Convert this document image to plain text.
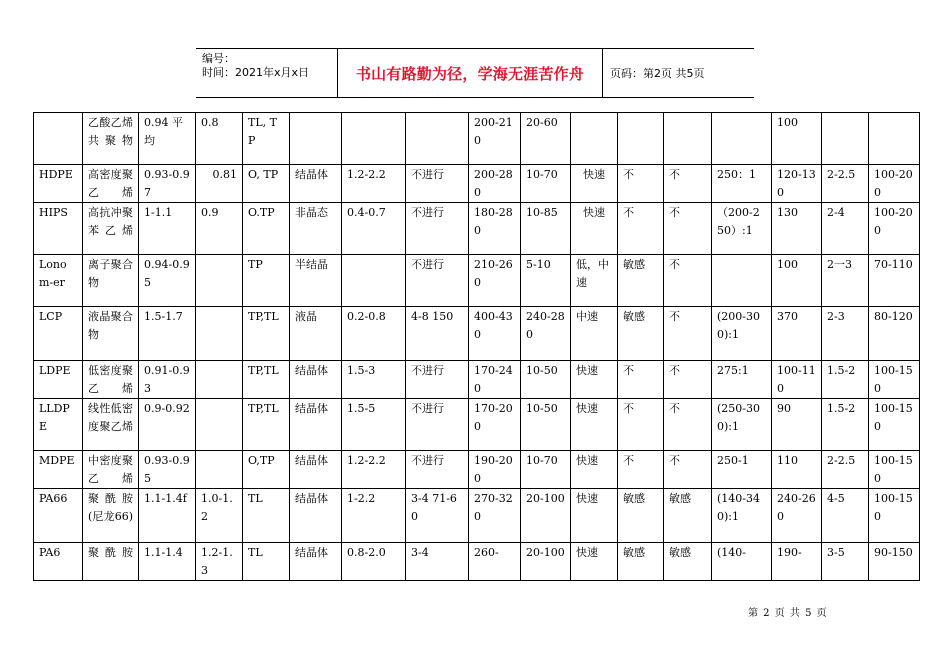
编号：
时间：2021年x月x日	书山有路勤为径，学海无涯苦作舟	页码：第2页 共5页
	乙酸乙烯共聚物	0.94 平均	0.8	TL, TP				200-210	20-60					100		
HDPE	高密度聚乙烯	0.93-0.97	0.81	O, TP	结晶体	1.2-2.2	不进行	200-280	10-70	快速	不	不	250：1	120-130	2-2.5	100-200
HIPS	高抗冲聚苯乙烯	1-1.1	0.9	O.TP	非晶态	0.4-0.7	不进行	180-280	10-85	快速	不	不	（200-250）:1	130	2-4	100-200
Lonom-er	离子聚合物	0.94-0.95		TP	半结晶		不进行	210-260	5-10	低，中速	敏感	不		100	2一3	70-110
LCP	液晶聚合物	1.5-1.7		TP,TL	液晶	0.2-0.8	4-8 150	400-430	240-280	中速	敏感	不	(200-300):1	370	2-3	80-120
LDPE	低密度聚乙烯	0.91-0.93		TP,TL	结晶体	1.5-3	不进行	170-240	10-50	快速	不	不	275:1	100-110	1.5-2	100-150
LLDPE	线性低密度聚乙烯	0.9-0.92		TP,TL	结晶体	1.5-5	不进行	170-200	10-50	快速	不	不	(250-300):1	90	1.5-2	100-150
MDPE	中密度聚乙烯	0.93-0.95		O,TP	结晶体	1.2-2.2	不进行	190-200	10-70	快速	不	不	250-1	110	2-2.5	100-150
PA66	聚酰胺(尼龙66)	1.1-1.4f	1.0-1.2	TL	结晶体	1-2.2	3-4 71-60	270-320	20-100	快速	敏感	敏感	(140-340):1	240-260	4-5	100-150
PA6	聚酰胺	1.1-1.4	1.2-1.3	TL	结晶体	0.8-2.0	3-4	260-	20-100	快速	敏感	敏感	(140-	190-	3-5	90-150
第 2 页 共 5 页
